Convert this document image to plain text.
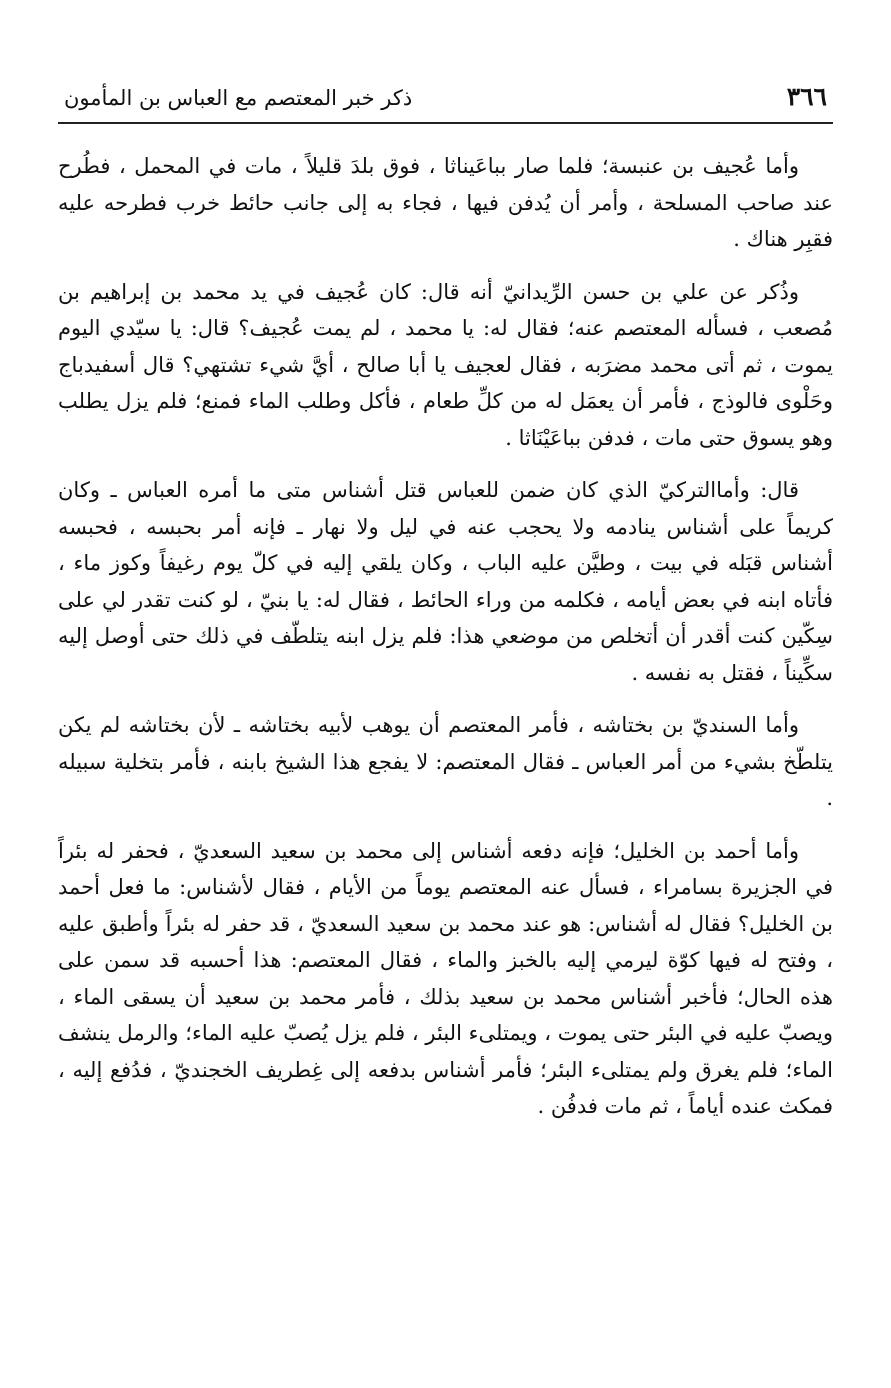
٣٦٦
ذكر خبر المعتصم مع العباس بن المأمون

وأما عُجيف بن عنبسة؛ فلما صار بباعَيناثا ، فوق بلدَ قليلاً ، مات في المحمل ، فطُرح عند صاحب المسلحة ، وأمر أن يُدفن فيها ، فجاء به إلى جانب حائط خرب فطرحه عليه فقبِر هناك .

وذُكر عن علي بن حسن الرِّيدانيّ أنه قال: كان عُجيف في يد محمد بن إبراهيم بن مُصعب ، فسأله المعتصم عنه؛ فقال له: يا محمد ، لم يمت عُجيف؟ قال: يا سيّدي اليوم يموت ، ثم أتى محمد مضرَبه ، فقال لعجيف يا أبا صالح ، أيَّ شيء تشتهي؟ قال أسفيدباج وحَلْوى فالوذج ، فأمر أن يعمَل له من كلِّ طعام ، فأكل وطلب الماء فمنع؛ فلم يزل يطلب وهو يسوق حتى مات ، فدفن بباعَيْنَاثا .

قال: وأماالتركيّ الذي كان ضمن للعباس قتل أشناس متى ما أمره العباس ـ وكان كريماً على أشناس ينادمه ولا يحجب عنه في ليل ولا نهار ـ فإنه أمر بحبسه ، فحبسه أشناس قبَله في بيت ، وطيَّن عليه الباب ، وكان يلقي إليه في كلّ يوم رغيفاً وكوز ماء ، فأتاه ابنه في بعض أيامه ، فكلمه من وراء الحائط ، فقال له: يا بنيّ ، لو كنت تقدر لي على سِكّين كنت أقدر أن أتخلص من موضعي هذا: فلم يزل ابنه يتلطّف في ذلك حتى أوصل إليه سكِّيناً ، فقتل به نفسه .

وأما السنديّ بن بختاشه ، فأمر المعتصم أن يوهب لأبيه بختاشه ـ لأن بختاشه لم يكن يتلطّخ بشيء من أمر العباس ـ فقال المعتصم: لا يفجع هذا الشيخ بابنه ، فأمر بتخلية سبيله .

وأما أحمد بن الخليل؛ فإنه دفعه أشناس إلى محمد بن سعيد السعديّ ، فحفر له بئراً في الجزيرة بسامراء ، فسأل عنه المعتصم يوماً من الأيام ، فقال لأشناس: ما فعل أحمد بن الخليل؟ فقال له أشناس: هو عند محمد بن سعيد السعديّ ، قد حفر له بئراً وأطبق عليه ، وفتح له فيها كوّة ليرمي إليه بالخبز والماء ، فقال المعتصم: هذا أحسبه قد سمن على هذه الحال؛ فأخبر أشناس محمد بن سعيد بذلك ، فأمر محمد بن سعيد أن يسقى الماء ، ويصبّ عليه في البئر حتى يموت ، ويمتلىء البئر ، فلم يزل يُصبّ عليه الماء؛ والرمل ينشف الماء؛ فلم يغرق ولم يمتلىء البئر؛ فأمر أشناس بدفعه إلى غِطريف الخجنديّ ، فدُفع إليه ، فمكث عنده أياماً ، ثم مات فدفُن .
